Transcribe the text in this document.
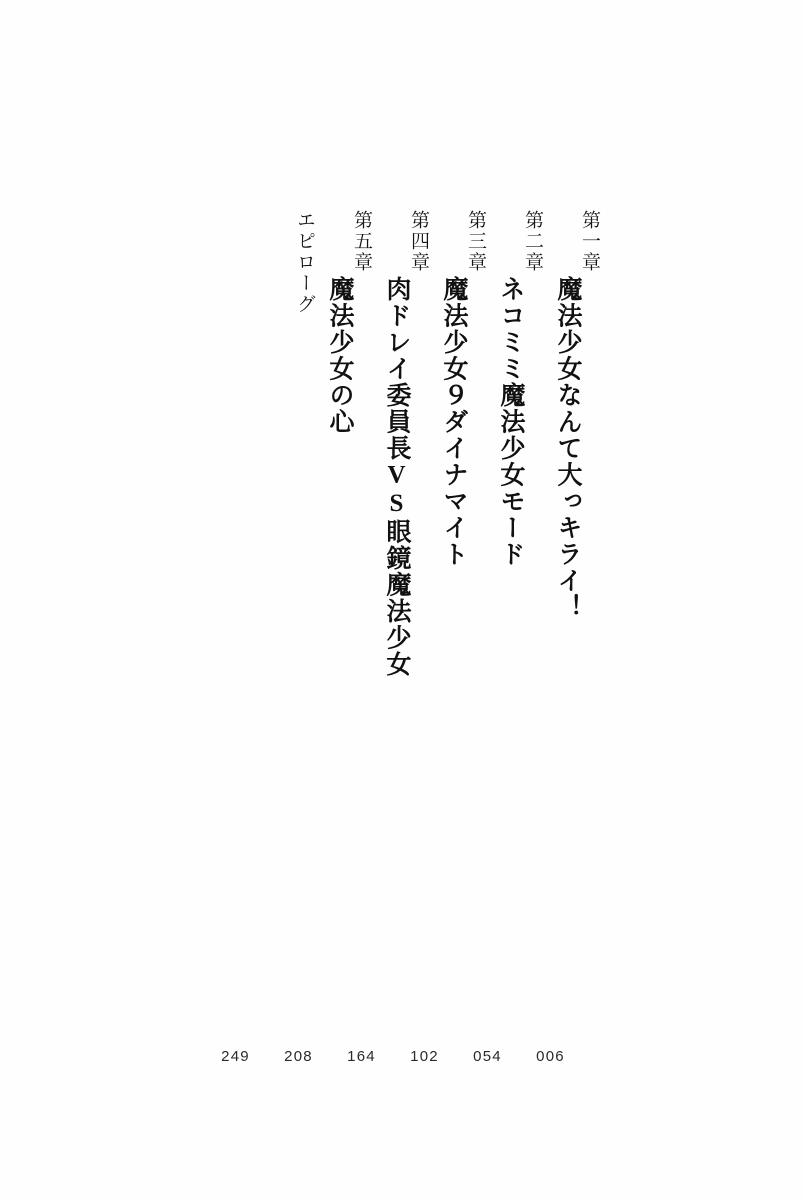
第一章
魔法少女なんて大っキライ！
第二章
ネコミミ魔法少女モード
第三章
魔法少女９ダイナマイト
第四章
肉ドレイ委員長VS眼鏡魔法少女
第五章
魔法少女の心
エピローグ
006
054
102
164
208
249
